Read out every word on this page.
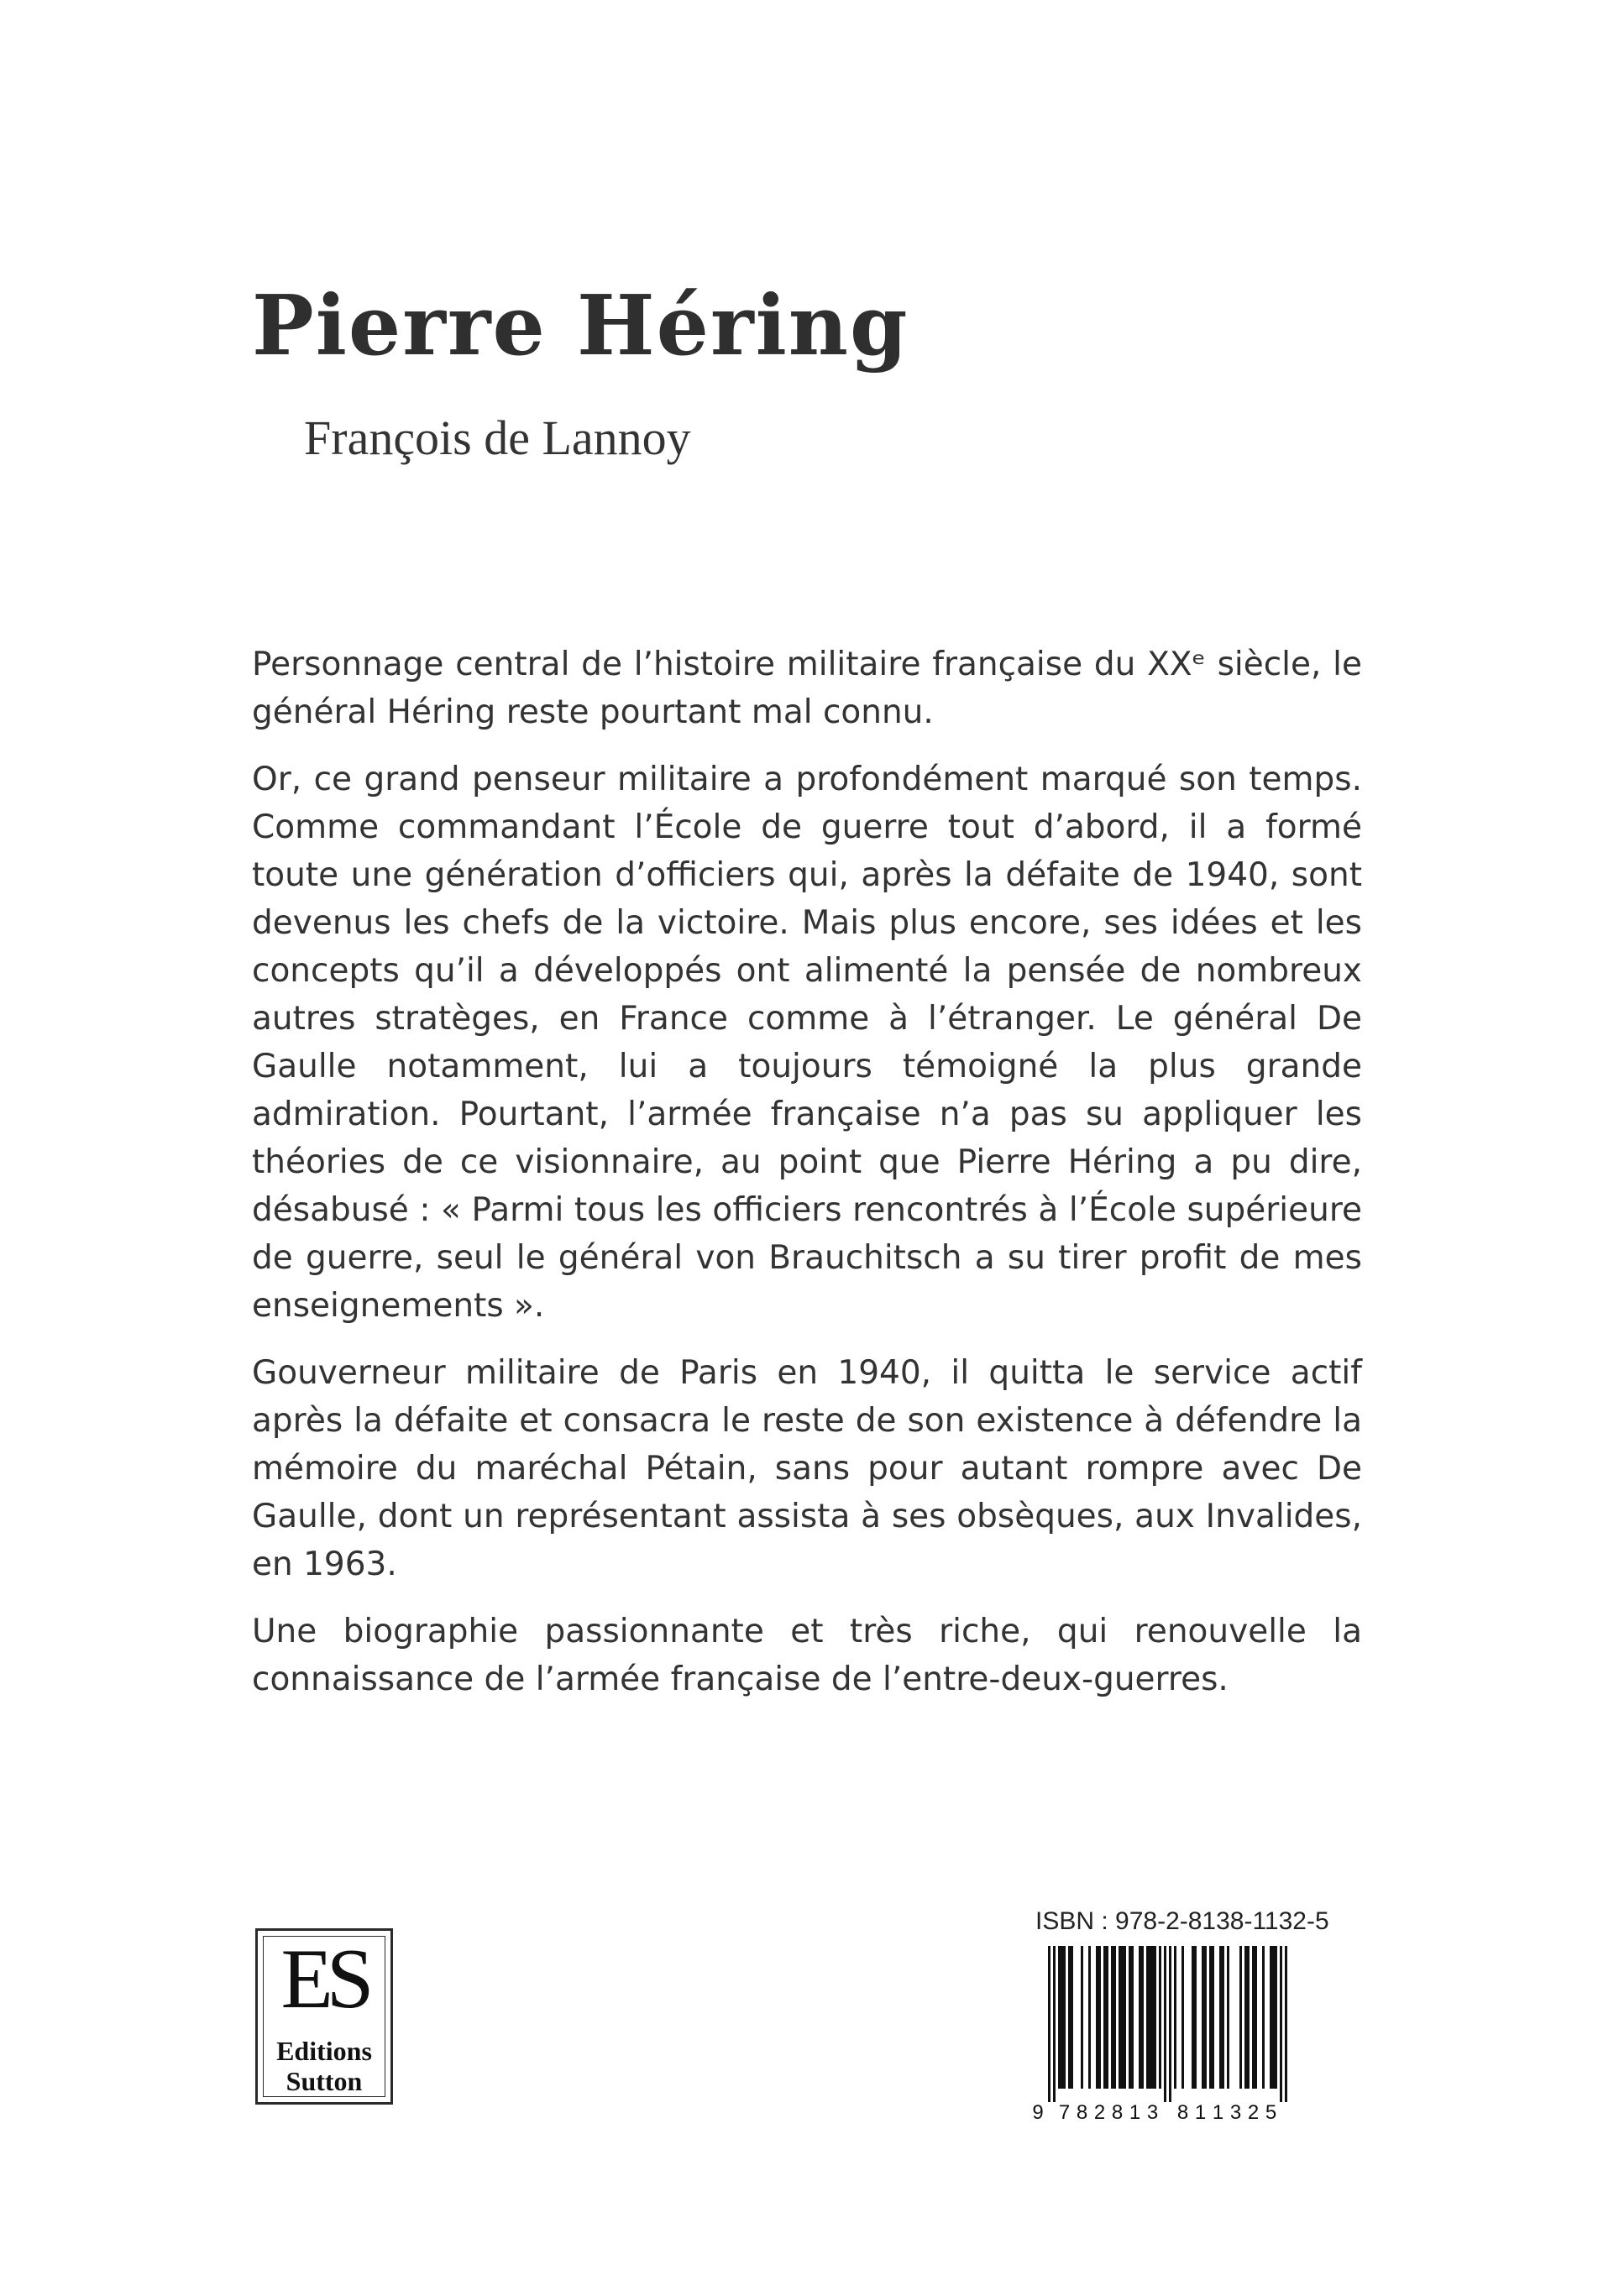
Pierre Héring
François de Lannoy

Personnage central de l’histoire militaire française du XXᵉ siècle, le général Héring reste pourtant mal connu.

Or, ce grand penseur militaire a profondément marqué son temps. Comme commandant l’École de guerre tout d’abord, il a formé toute une génération d’officiers qui, après la défaite de 1940, sont devenus les chefs de la victoire. Mais plus encore, ses idées et les concepts qu’il a développés ont alimenté la pensée de nombreux autres stratèges, en France comme à l’étranger. Le général De Gaulle notamment, lui a toujours témoigné la plus grande admiration. Pourtant, l’armée française n’a pas su appliquer les théories de ce visionnaire, au point que Pierre Héring a pu dire, désabusé : « Parmi tous les officiers rencontrés à l’École supérieure de guerre, seul le général von Brauchitsch a su tirer profit de mes enseignements ».

Gouverneur militaire de Paris en 1940, il quitta le service actif après la défaite et consacra le reste de son existence à défendre la mémoire du maréchal Pétain, sans pour autant rompre avec De Gaulle, dont un représentant assista à ses obsèques, aux Invalides, en 1963.

Une biographie passionnante et très riche, qui renouvelle la connaissance de l’armée française de l’entre-deux-guerres.

ES
Editions
Sutton
ISBN : 978-2-8138-1132-5
9 7 8 2 8 1 3 8 1 1 3 2 5
